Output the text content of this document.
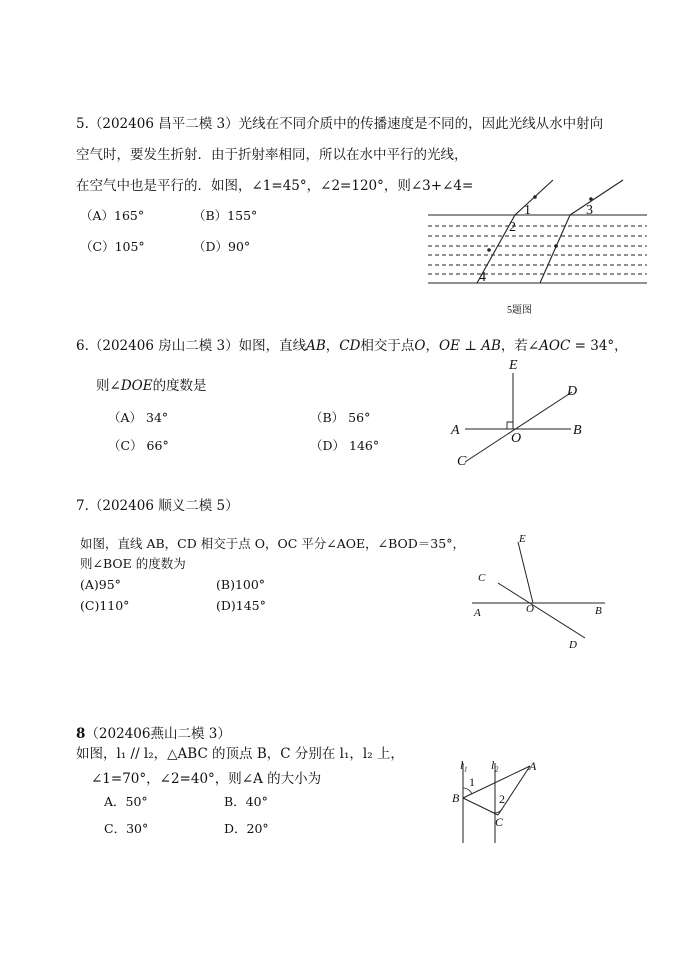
5.（202406 昌平二模 3）光线在不同介质中的传播速度是不同的，因此光线从水中射向
空气时，要发生折射．由于折射率相同，所以在水中平行的光线，
在空气中也是平行的．如图，∠1=45°，∠2=120°，则∠3+∠4=
（A）165°	（B）155°
（C）105°	（D）90°
1
2
3
4
5题图
6.（202406 房山二模 3）如图，直线AB，CD相交于点O，OE ⊥ AB，若∠AOC = 34°，
则∠DOE的度数是
（A） 34°	（B） 56°
（C） 66°	（D） 146°
E
D
A
O
B
C
7.（202406 顺义二模 5）
如图，直线 AB，CD 相交于点 O，OC 平分∠AOE，∠BOD＝35°，
则∠BOE 的度数为
(A)95°	(B)100°
(C)110°	(D)145°
E
C
A	O	B
D
8（202406燕山二模 3）
如图，l₁ // l₂，△ABC 的顶点 B，C 分别在 l₁，l₂ 上，
∠1=70°，∠2=40°，则∠A 的大小为
A．50°	B．40°
C．30°	D．20°
l₁ l₂	A
1
2
B
C
